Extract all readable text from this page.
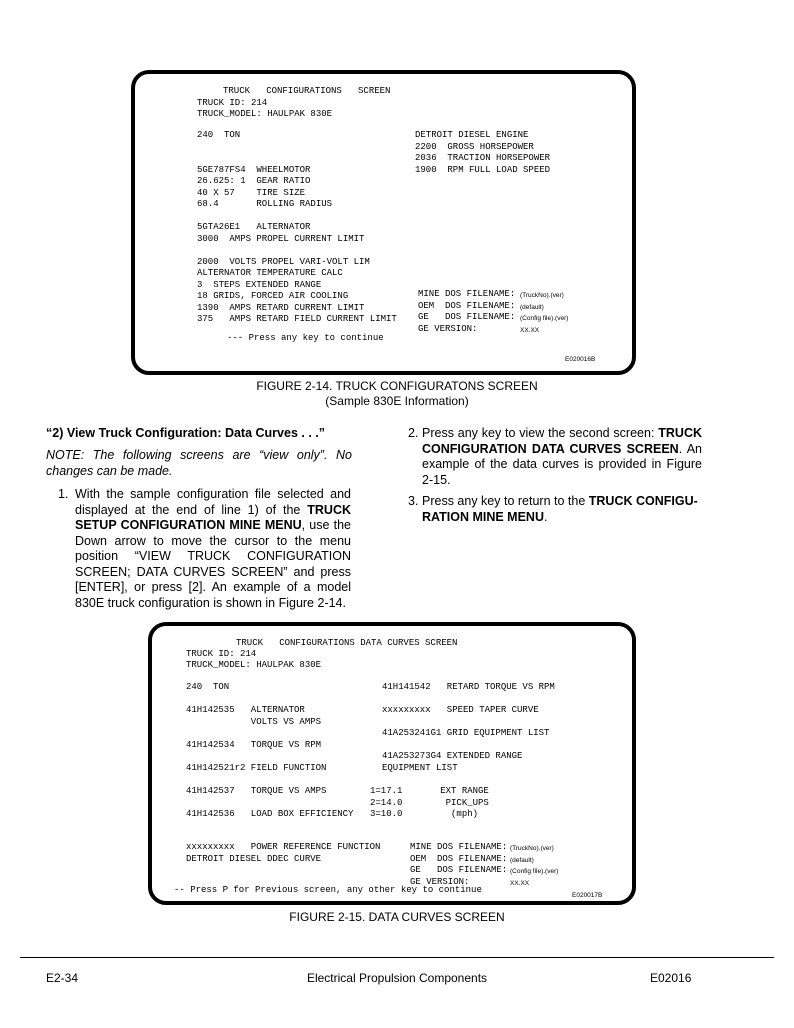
TRUCK   CONFIGURATIONS   SCREEN
TRUCK ID: 214
TRUCK_MODEL: HAULPAK 830E
240  TON

5GE787FS4  WHEELMOTOR
26.625: 1  GEAR RATIO
40 X 57    TIRE SIZE
68.4       ROLLING RADIUS

5GTA26E1   ALTERNATOR
3000  AMPS PROPEL CURRENT LIMIT

2000  VOLTS PROPEL VARI-VOLT LIM
ALTERNATOR TEMPERATURE CALC
3  STEPS EXTENDED RANGE
18 GRIDS, FORCED AIR COOLING
1390  AMPS RETARD CURRENT LIMIT
375   AMPS RETARD FIELD CURRENT LIMIT
DETROIT DIESEL ENGINE
2200  GROSS HORSEPOWER
2036  TRACTION HORSEPOWER
1900  RPM FULL LOAD SPEED
MINE DOS FILENAME:
OEM  DOS FILENAME:
GE   DOS FILENAME:
GE VERSION:
(TruckNo).(ver)
(default)
(Config file).(ver)
XX.XX
--- Press any key to continue
E020016B
FIGURE 2-14. TRUCK CONFIGURATONS SCREEN
(Sample 830E Information)
“2) View Truck Configuration: Data Curves . . .”
NOTE: The following screens are “view only”. No changes can be made.
1. With the sample configuration file selected and displayed at the end of line 1) of the TRUCK SETUP CONFIGURATION MINE MENU, use the Down arrow to move the cursor to the menu position “VIEW TRUCK CONFIGURATION SCREEN; DATA CURVES SCREEN” and press [ENTER], or press [2]. An example of a model 830E truck configuration is shown in Figure 2-14.
2. Press any key to view the second screen: TRUCK CONFIGURATION DATA CURVES SCREEN. An example of the data curves is provided in Figure 2-15.
3. Press any key to return to the TRUCK CONFIGU-RATION MINE MENU.
TRUCK   CONFIGURATIONS DATA CURVES SCREEN
TRUCK ID: 214
TRUCK_MODEL: HAULPAK 830E
240  TON

41H142535   ALTERNATOR
VOLTS VS AMPS

41H142534   TORQUE VS RPM

41H142521r2 FIELD FUNCTION

41H142537   TORQUE VS AMPS

41H142536   LOAD BOX EFFICIENCY
41H141542   RETARD TORQUE VS RPM

xxxxxxxxx   SPEED TAPER CURVE

41A253241G1 GRID EQUIPMENT LIST

41A253273G4 EXTENDED RANGE
EQUIPMENT LIST
1=17.1       EXT RANGE
2=14.0        PICK_UPS
3=10.0         (mph)
xxxxxxxxx   POWER REFERENCE FUNCTION
DETROIT DIESEL DDEC CURVE
MINE DOS FILENAME:
OEM  DOS FILENAME:
GE   DOS FILENAME:
GE VERSION:
(TruckNo).(ver)
(default)
(Config file).(ver)
XX.XX
-- Press P for Previous screen, any other key to continue
E020017B
FIGURE 2-15. DATA CURVES SCREEN
E2-34	Electrical Propulsion Components	E02016
